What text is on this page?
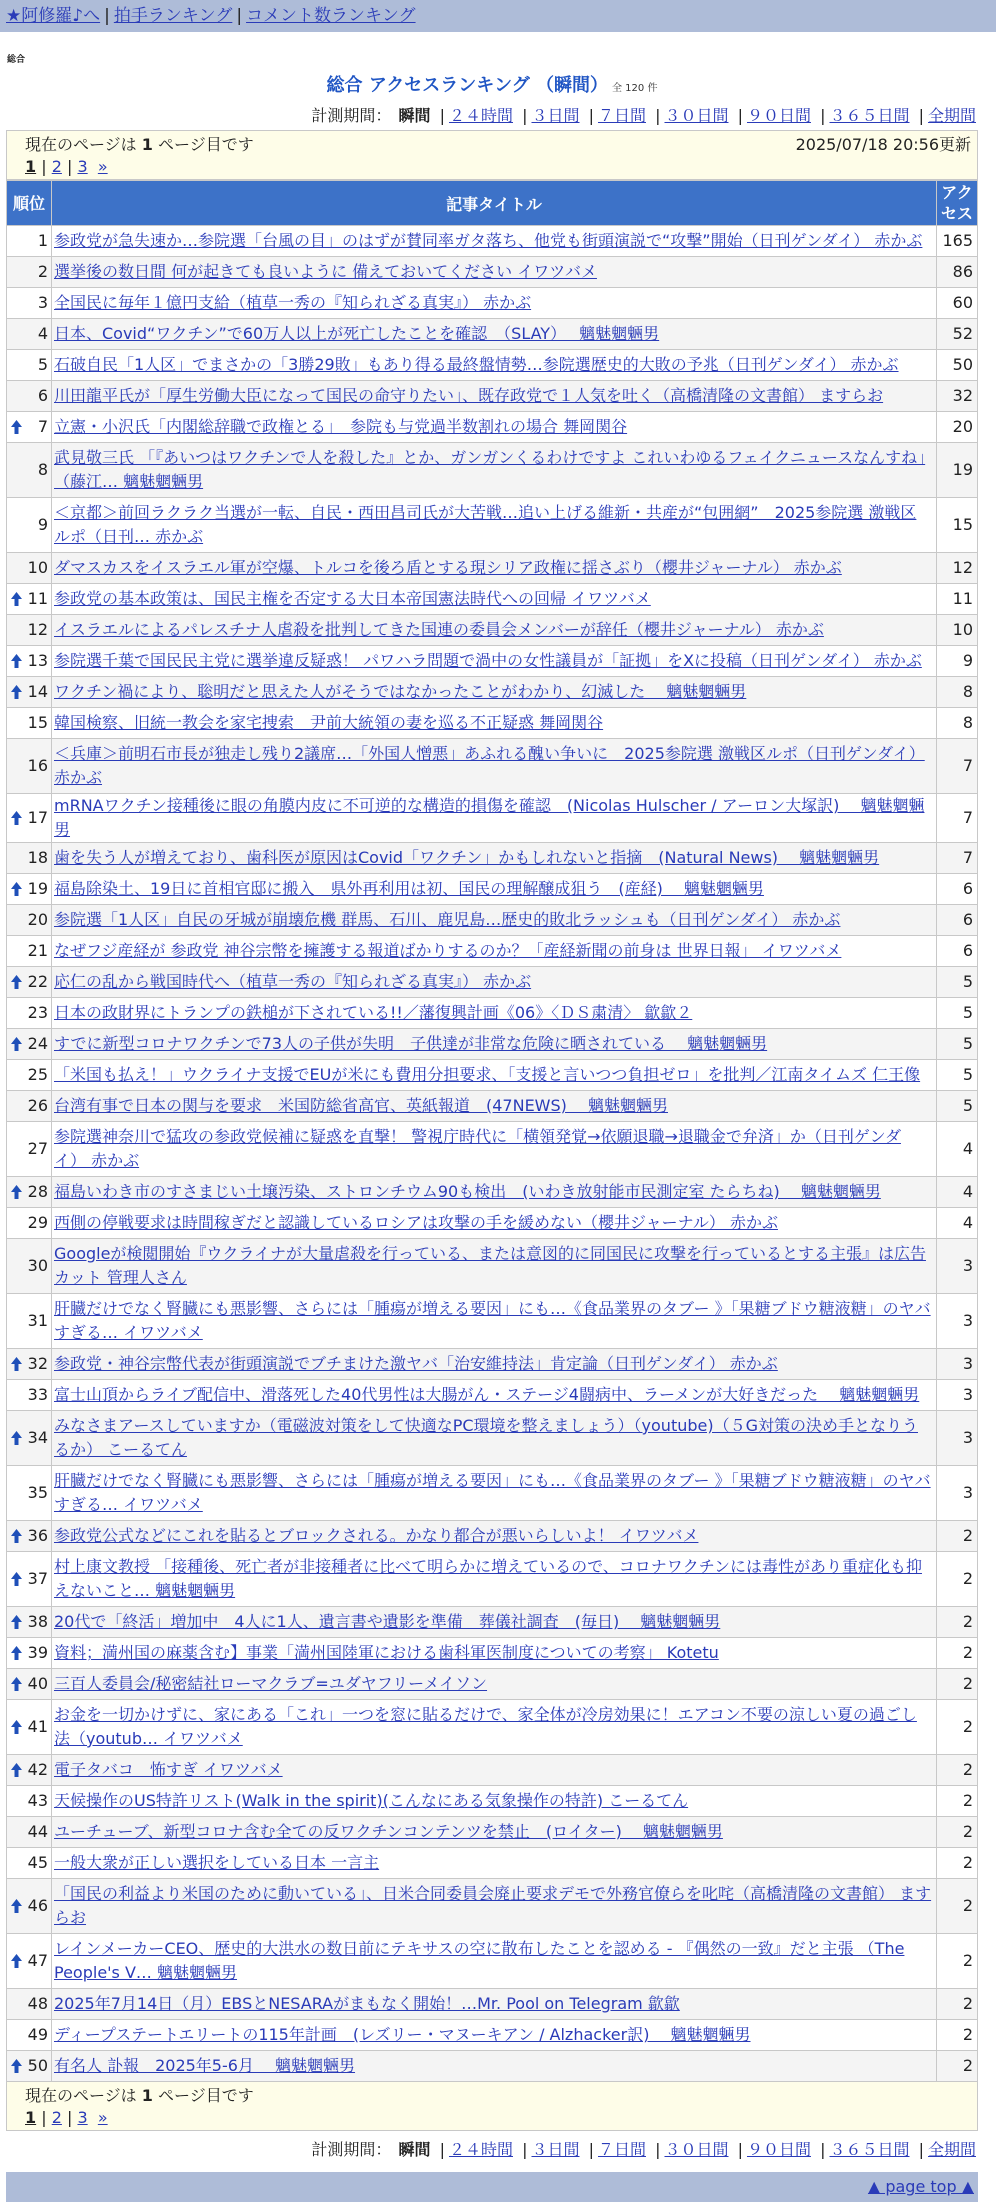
★阿修羅♪へ | 拍手ランキング | コメント数ランキング
総合
総合 アクセスランキング （瞬間） 全 120 件
計測期間： 瞬間 | ２４時間 | ３日間 | ７日間 | ３０日間 | ９０日間 | ３６５日間 | 全期間
現在のページは 1 ページ目です	2025/07/18 20:56更新
1 | 2 | 3 »
順位	記事タイトル	アクセス
1	参政党が急失速か…参院選「台風の目」のはずが賛同率ガタ落ち、他党も街頭演説で“攻撃”開始（日刊ゲンダイ） 赤かぶ	165
2	選挙後の数日間 何が起きても良いように 備えておいてください イワツバメ	86
3	全国民に毎年１億円支給（植草一秀の『知られざる真実』） 赤かぶ	60
4	日本、Covid“ワクチン”で60万人以上が死亡したことを確認　（SLAY）　 魑魅魍魎男	52
5	石破自民「1人区」でまさかの「3勝29敗」もあり得る最終盤情勢…参院選歴史的大敗の予兆（日刊ゲンダイ） 赤かぶ	50
6	川田龍平氏が「厚生労働大臣になって国民の命守りたい」、既存政党で１人気を吐く（高橋清隆の文書館） ますらお	32

7	立憲・小沢氏「内閣総辞職で政権とる」　参院も与党過半数割れの場合 舞岡関谷	20
8	武見敬三氏 「『あいつはワクチンで人を殺した』とか、ガンガンくるわけですよ これいわゆるフェイクニュースなんすね」（藤江… 魑魅魍魎男	19
9	＜京都＞前回ラクラク当選が一転、自民・西田昌司氏が大苦戦…追い上げる維新・共産が“包囲網”　2025参院選 激戦区ルポ（日刊… 赤かぶ	15
10	ダマスカスをイスラエル軍が空爆、トルコを後ろ盾とする現シリア政権に揺さぶり（櫻井ジャーナル） 赤かぶ	12

11	参政党の基本政策は、国民主権を否定する大日本帝国憲法時代への回帰 イワツバメ	11
12	イスラエルによるパレスチナ人虐殺を批判してきた国連の委員会メンバーが辞任（櫻井ジャーナル） 赤かぶ	10

13	参院選千葉で国民民主党に選挙違反疑惑！ パワハラ問題で渦中の女性議員が「証拠」をXに投稿（日刊ゲンダイ） 赤かぶ	9

14	ワクチン禍により、聡明だと思えた人がそうではなかったことがわかり、幻滅した　 魑魅魍魎男	8
15	韓国検察、旧統一教会を家宅捜索　尹前大統領の妻を巡る不正疑惑 舞岡関谷	8
16	＜兵庫＞前明石市長が独走し残り2議席…「外国人憎悪」あふれる醜い争いに　2025参院選 激戦区ルポ（日刊ゲンダイ） 赤かぶ	7

17	mRNAワクチン接種後に眼の角膜内皮に不可逆的な構造的損傷を確認　(Nicolas Hulscher / アーロン大塚訳)　 魑魅魍魎男	7
18	歯を失う人が増えており、歯科医が原因はCovid「ワクチン」かもしれないと指摘　(Natural News)　 魑魅魍魎男	7

19	福島除染土、19日に首相官邸に搬入　県外再利用は初、国民の理解醸成狙う　(産経)　 魑魅魍魎男	6
20	参院選「1人区」自民の牙城が崩壊危機 群馬、石川、鹿児島…歴史的敗北ラッシュも（日刊ゲンダイ） 赤かぶ	6
21	なぜフジ産経が 参政党 神谷宗幣を擁護する報道ばかりするのか？「産経新聞の前身は 世界日報」 イワツバメ	6

22	応仁の乱から戦国時代へ（植草一秀の『知られざる真実』） 赤かぶ	5
23	日本の政財界にトランプの鉄槌が下されている!!／藩復興計画《06》〈ＤＳ粛清〉 歙歙２	5

24	すでに新型コロナワクチンで73人の子供が失明　子供達が非常な危険に晒されている　 魑魅魍魎男	5
25	「米国も払え！」ウクライナ支援でEUが米にも費用分担要求、「支援と言いつつ負担ゼロ」を批判／江南タイムズ 仁王像	5
26	台湾有事で日本の関与を要求　米国防総省高官、英紙報道　(47NEWS)　 魑魅魍魎男	5
27	参院選神奈川で猛攻の参政党候補に疑惑を直撃！ 警視庁時代に「横領発覚→依願退職→退職金で弁済」か（日刊ゲンダイ） 赤かぶ	4

28	福島いわき市のすさまじい土壌汚染、ストロンチウム90も検出　(いわき放射能市民測定室 たらちね)　 魑魅魍魎男	4
29	西側の停戦要求は時間稼ぎだと認識しているロシアは攻撃の手を緩めない（櫻井ジャーナル） 赤かぶ	4
30	Googleが検閲開始『ウクライナが大量虐殺を行っている、または意図的に同国民に攻撃を行っているとする主張』は広告カット 管理人さん	3
31	肝臓だけでなく腎臓にも悪影響、さらには「腫瘍が増える要因」にも…《食品業界のタブー 》「果糖ブドウ糖液糖」のヤバすぎる… イワツバメ	3

32	参政党・神谷宗幣代表が街頭演説でブチまけた激ヤバ「治安維持法」肯定論（日刊ゲンダイ） 赤かぶ	3
33	富士山頂からライブ配信中、滑落死した40代男性は大腸がん・ステージ4闘病中、ラーメンが大好きだった　 魑魅魍魎男	3

34	みなさまアースしていますか（電磁波対策をして快適なPC環境を整えましょう）（youtube)（５G対策の決め手となりうるか） こーるてん	3
35	肝臓だけでなく腎臓にも悪影響、さらには「腫瘍が増える要因」にも…《食品業界のタブー 》「果糖ブドウ糖液糖」のヤバすぎる… イワツバメ	3

36	参政党公式などにこれを貼るとブロックされる。かなり都合が悪いらしいよ！ イワツバメ	2

37	村上康文教授 「接種後、死亡者が非接種者に比べて明らかに増えているので、コロナワクチンには毒性があり重症化も抑えないこと… 魑魅魍魎男	2

38	20代で「終活」増加中　4人に1人、遺言書や遺影を準備　葬儀社調査　(毎日)　 魑魅魍魎男	2

39	資料；満州国の麻薬含む】事業「満州国陸軍における歯科軍医制度についての考察」 Kotetu	2

40	三百人委員会/秘密結社ローマクラブ=ユダヤフリーメイソン	2

41	お金を一切かけずに、家にある「これ」一つを窓に貼るだけで、家全体が冷房効果に！エアコン不要の涼しい夏の過ごし法（youtub… イワツバメ	2

42	電子タバコ　怖すぎ イワツバメ	2
43	天候操作のUS特許リスト(Walk in the spirit)(こんなにある気象操作の特許) こーるてん	2
44	ユーチューブ、新型コロナ含む全ての反ワクチンコンテンツを禁止　(ロイター)　 魑魅魍魎男	2
45	一般大衆が正しい選択をしている日本 一言主	2

46	「国民の利益より米国のために動いている」、日米合同委員会廃止要求デモで外務官僚らを叱咤（高橋清隆の文書館） ますらお	2

47	レインメーカーCEO、歴史的大洪水の数日前にテキサスの空に散布したことを認める - 『偶然の一致』だと主張 （The People's V… 魑魅魍魎男	2
48	2025年7月14日（月）EBSとNESARAがまもなく開始！…Mr. Pool on Telegram 歙歙	2
49	ディープステートエリートの115年計画　(レズリー・マヌーキアン / Alzhacker訳)　 魑魅魍魎男	2

50	有名人 訃報　2025年5-6月　 魑魅魍魎男	2
現在のページは 1 ページ目です
1 | 2 | 3 »
計測期間： 瞬間 | ２４時間 | ３日間 | ７日間 | ３０日間 | ９０日間 | ３６５日間 | 全期間
▲ page top ▲
